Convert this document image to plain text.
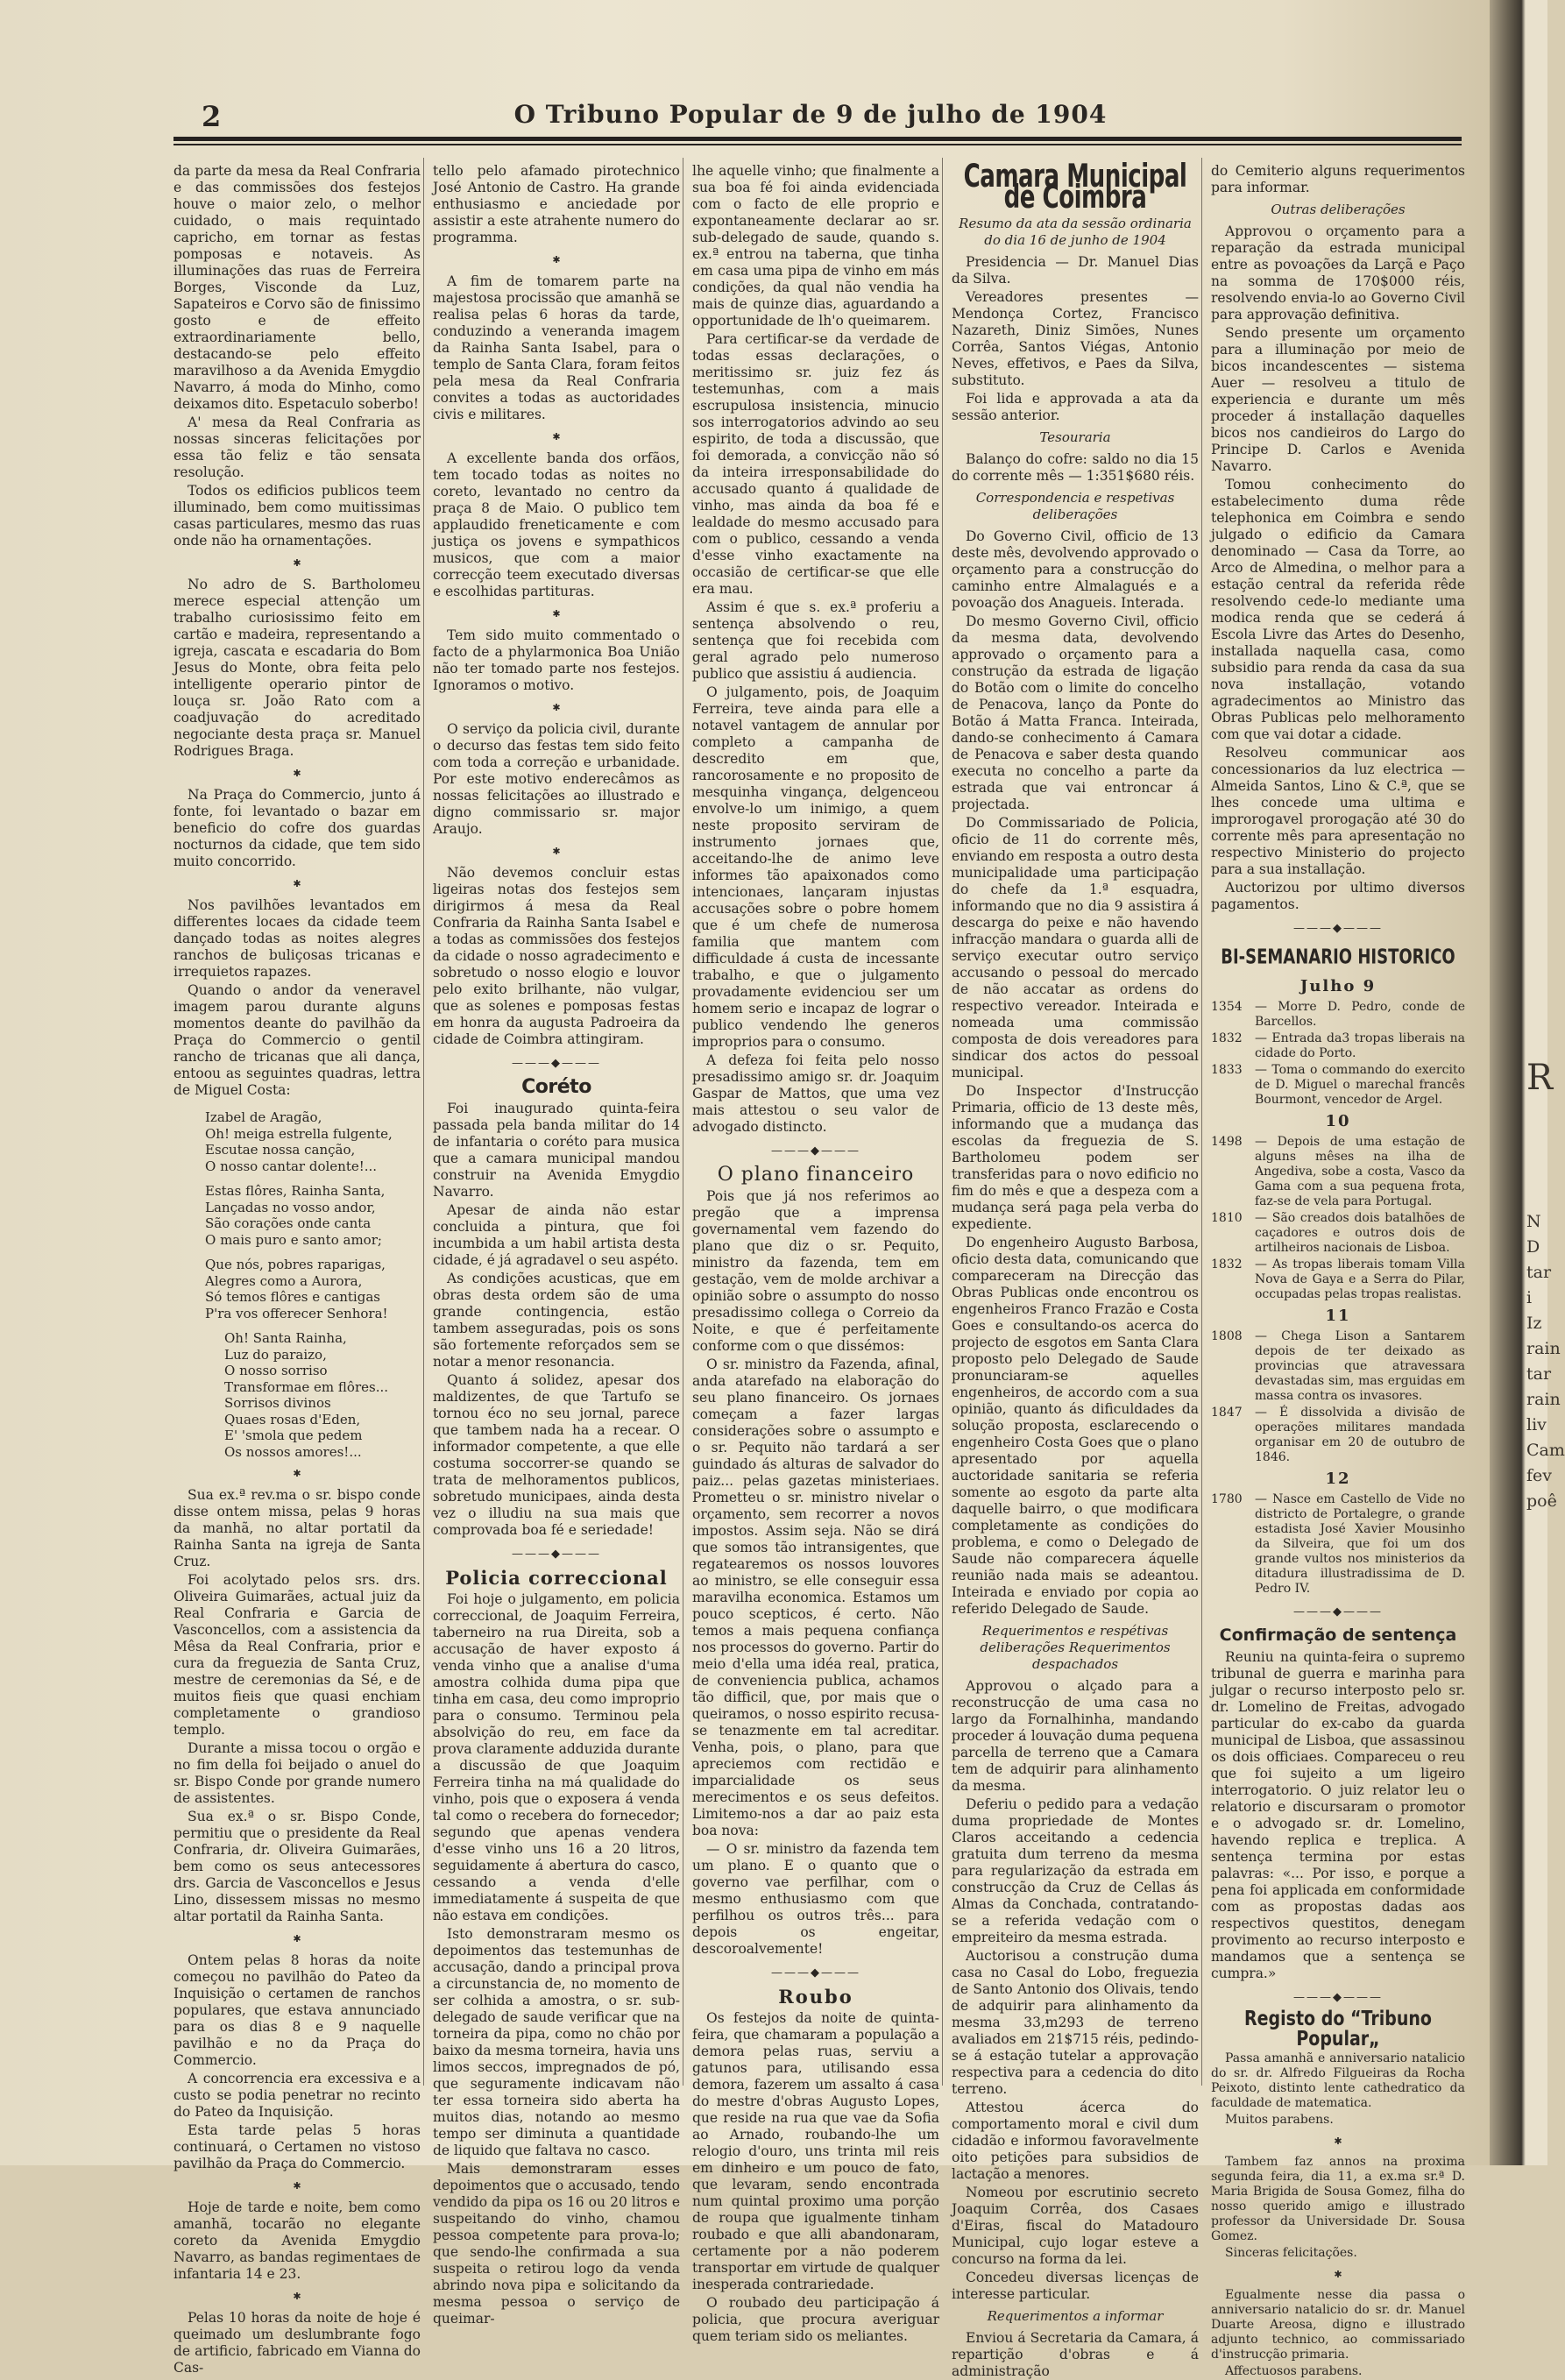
R
N
D
tar
i
Iz
rain
tar
rain
liv
Cam
fev
poê
2	O Tribuno Popular de 9 de julho de 1904

da parte da mesa da Real Confraria e das commissões dos festejos houve o maior zelo, o melhor cuidado, o mais requintado capricho, em tornar as festas pomposas e notaveis. As illuminações das ruas de Ferreira Borges, Visconde da Luz, Sapateiros e Corvo são de finissimo gosto e de effeito extraordinariamente bello, destacando-se pelo effeito maravilhoso a da Avenida Emygdio Navarro, á moda do Minho, como deixamos dito. Espetaculo soberbo!

A' mesa da Real Confraria as nossas sinceras felicitações por essa tão feliz e tão sensata resolução.

Todos os edificios publicos teem illuminado, bem como muitissimas casas particulares, mesmo das ruas onde não ha ornamentações.

✱

No adro de S. Bartholomeu merece especial attenção um trabalho curiosissimo feito em cartão e madeira, representando a igreja, cascata e escadaria do Bom Jesus do Monte, obra feita pelo intelligente operario pintor de louça sr. João Rato com a coadjuvação do acreditado negociante desta praça sr. Manuel Rodrigues Braga.

✱

Na Praça do Commercio, junto á fonte, foi levantado o bazar em beneficio do cofre dos guardas nocturnos da cidade, que tem sido muito concorrido.

✱

Nos pavilhões levantados em differentes locaes da cidade teem dançado todas as noites alegres ranchos de buliçosas tricanas e irrequietos rapazes.

Quando o andor da veneravel imagem parou durante alguns momentos deante do pavilhão da Praça do Commercio o gentil rancho de tricanas que ali dança, entoou as seguintes quadras, lettra de Miguel Costa:

Izabel de Aragão,

Oh! meiga estrella fulgente,

Escutae nossa canção,

O nosso cantar dolente!...

Estas flôres, Rainha Santa,

Lançadas no vosso andor,

São corações onde canta

O mais puro e santo amor;

Que nós, pobres raparigas,

Alegres como a Aurora,

Só temos flôres e cantigas

P'ra vos offerecer Senhora!

Oh! Santa Rainha,

Luz do paraizo,

O nosso sorriso

Transformae em flôres...

Sorrisos divinos

Quaes rosas d'Eden,

E' 'smola que pedem

Os nossos amores!...

✱

Sua ex.ª rev.ma o sr. bispo conde disse ontem missa, pelas 9 horas da manhã, no altar portatil da Rainha Santa na igreja de Santa Cruz.

Foi acolytado pelos srs. drs. Oliveira Guimarães, actual juiz da Real Confraria e Garcia de Vasconcellos, com a assistencia da Mêsa da Real Confraria, prior e cura da freguezia de Santa Cruz, mestre de ceremonias da Sé, e de muitos fieis que quasi enchiam completamente o grandioso templo.

Durante a missa tocou o orgão e no fim della foi beijado o anuel do sr. Bispo Conde por grande numero de assistentes.

Sua ex.ª o sr. Bispo Conde, permitiu que o presidente da Real Confraria, dr. Oliveira Guimarães, bem como os seus antecessores drs. Garcia de Vasconcellos e Jesus Lino, dissessem missas no mesmo altar portatil da Rainha Santa.

✱

Ontem pelas 8 horas da noite começou no pavilhão do Pateo da Inquisição o certamen de ranchos populares, que estava annunciado para os dias 8 e 9 naquelle pavilhão e no da Praça do Commercio.

A concorrencia era excessiva e a custo se podia penetrar no recinto do Pateo da Inquisição.

Esta tarde pelas 5 horas continuará, o Certamen no vistoso pavilhão da Praça do Commercio.

✱

Hoje de tarde e noite, bem como amanhã, tocarão no elegante coreto da Avenida Emygdio Navarro, as bandas regimentaes de infantaria 14 e 23.

✱

Pelas 10 horas da noite de hoje é queimado um deslumbrante fogo de artificio, fabricado em Vianna do Cas-

tello pelo afamado pirotechnico José Antonio de Castro. Ha grande enthusiasmo e anciedade por assistir a este atrahente numero do programma.

✱

A fim de tomarem parte na majestosa procissão que amanhã se realisa pelas 6 horas da tarde, conduzindo a veneranda imagem da Rainha Santa Isabel, para o templo de Santa Clara, foram feitos pela mesa da Real Confraria convites a todas as auctoridades civis e militares.

✱

A excellente banda dos orfãos, tem tocado todas as noites no coreto, levantado no centro da praça 8 de Maio. O publico tem applaudido freneticamente e com justiça os jovens e sympathicos musicos, que com a maior correcção teem executado diversas e escolhidas partituras.

✱

Tem sido muito commentado o facto de a phylarmonica Boa União não ter tomado parte nos festejos. Ignoramos o motivo.

✱

O serviço da policia civil, durante o decurso das festas tem sido feito com toda a correção e urbanidade. Por este motivo enderecâmos as nossas felicitações ao illustrado e digno commissario sr. major Araujo.

✱

Não devemos concluir estas ligeiras notas dos festejos sem dirigirmos á mesa da Real Confraria da Rainha Santa Isabel e a todas as commissões dos festejos da cidade o nosso agradecimento e sobretudo o nosso elogio e louvor pelo exito brilhante, não vulgar, que as solenes e pomposas festas em honra da augusta Padroeira da cidade de Coimbra attingiram.

———◆———
Coréto

Foi inaugurado quinta-feira passada pela banda militar do 14 de infantaria o coréto para musica que a camara municipal mandou construir na Avenida Emygdio Navarro.

Apesar de ainda não estar concluida a pintura, que foi incumbida a um habil artista desta cidade, é já agradavel o seu aspéto.

As condições acusticas, que em obras desta ordem são de uma grande contingencia, estão tambem asseguradas, pois os sons são fortemente reforçados sem se notar a menor resonancia.

Quanto á solidez, apesar dos maldizentes, de que Tartufo se tornou éco no seu jornal, parece que tambem nada ha a recear. O informador competente, a que elle costuma soccorrer-se quando se trata de melhoramentos publicos, sobretudo municipaes, ainda desta vez o illudiu na sua mais que comprovada boa fé e seriedade!

———◆———
Policia correccional

Foi hoje o julgamento, em policia correccional, de Joaquim Ferreira, taberneiro na rua Direita, sob a accusação de haver exposto á venda vinho que a analise d'uma amostra colhida duma pipa que tinha em casa, deu como improprio para o consumo. Terminou pela absolvição do reu, em face da prova claramente adduzida durante a discussão de que Joaquim Ferreira tinha na má qualidade do vinho, pois que o exposera á venda tal como o recebera do fornecedor; segundo que apenas vendera d'esse vinho uns 16 a 20 litros, seguidamente á abertura do casco, cessando a venda d'elle immediatamente á suspeita de que não estava em condições.

Isto demonstraram mesmo os depoimentos das testemunhas de accusação, dando a principal prova a circunstancia de, no momento de ser colhida a amostra, o sr. sub-delegado de saude verificar que na torneira da pipa, como no chão por baixo da mesma torneira, havia uns limos seccos, impregnados de pó, que seguramente indicavam não ter essa torneira sido aberta ha muitos dias, notando ao mesmo tempo ser diminuta a quantidade de liquido que faltava no casco.

Mais demonstraram esses depoimentos que o accusado, tendo vendido da pipa os 16 ou 20 litros e suspeitando do vinho, chamou pessoa competente para prova-lo; que sendo-lhe confirmada a sua suspeita o retirou logo da venda abrindo nova pipa e solicitando da mesma pessoa o serviço de queimar-

lhe aquelle vinho; que finalmente a sua boa fé foi ainda evidenciada com o facto de elle proprio e expontaneamente declarar ao sr. sub-delegado de saude, quando s. ex.ª entrou na taberna, que tinha em casa uma pipa de vinho em más condições, da qual não vendia ha mais de quinze dias, aguardando a opportunidade de lh'o queimarem.

Para certificar-se da verdade de todas essas declarações, o meritissimo sr. juiz fez ás testemunhas, com a mais escrupulosa insistencia, minucio sos interrogatorios advindo ao seu espirito, de toda a discussão, que foi demorada, a convicção não só da inteira irresponsabilidade do accusado quanto á qualidade de vinho, mas ainda da boa fé e lealdade do mesmo accusado para com o publico, cessando a venda d'esse vinho exactamente na occasião de certificar-se que elle era mau.

Assim é que s. ex.ª proferiu a sentença absolvendo o reu, sentença que foi recebida com geral agrado pelo numeroso publico que assistiu á audiencia.

O julgamento, pois, de Joaquim Ferreira, teve ainda para elle a notavel vantagem de annular por completo a campanha de descredito em que, rancorosamente e no proposito de mesquinha vingança, delgenceou envolve-lo um inimigo, a quem neste proposito serviram de instrumento jornaes que, acceitando-lhe de animo leve informes tão apaixonados como intencionaes, lançaram injustas accusações sobre o pobre homem que é um chefe de numerosa familia que mantem com difficuldade á custa de incessante trabalho, e que o julgamento provadamente evidenciou ser um homem serio e incapaz de lograr o publico vendendo lhe generos improprios para o consumo.

A defeza foi feita pelo nosso presadissimo amigo sr. dr. Joaquim Gaspar de Mattos, que uma vez mais attestou o seu valor de advogado distincto.

———◆———
O plano financeiro

Pois que já nos referimos ao pregão que a imprensa governamental vem fazendo do plano que diz o sr. Pequito, ministro da fazenda, tem em gestação, vem de molde archivar a opinião sobre o assumpto do nosso presadissimo collega o Correio da Noite, e que é perfeitamente conforme com o que dissémos:

O sr. ministro da Fazenda, afinal, anda atarefado na elaboração do seu plano financeiro. Os jornaes começam a fazer largas considerações sobre o assumpto e o sr. Pequito não tardará a ser guindado ás alturas de salvador do paiz... pelas gazetas ministeriaes. Prometteu o sr. ministro nivelar o orçamento, sem recorrer a novos impostos. Assim seja. Não se dirá que somos tão intransigentes, que regatearemos os nossos louvores ao ministro, se elle conseguir essa maravilha economica. Estamos um pouco scepticos, é certo. Não temos a mais pequena confiança nos processos do governo. Partir do meio d'ella uma idéa real, pratica, de conveniencia publica, achamos tão difficil, que, por mais que o queiramos, o nosso espirito recusa-se tenazmente em tal acreditar. Venha, pois, o plano, para que apreciemos com rectidão e imparcialidade os seus merecimentos e os seus defeitos. Limitemo-nos a dar ao paiz esta boa nova:

— O sr. ministro da fazenda tem um plano. E o quanto que o governo vae perfilhar, com o mesmo enthusiasmo com que perfilhou os outros três... para depois os engeitar, descoroalvemente!

———◆———
Roubo

Os festejos da noite de quinta-feira, que chamaram a população a demora pelas ruas, serviu a gatunos para, utilisando essa demora, fazerem um assalto á casa do mestre d'obras Augusto Lopes, que reside na rua que vae da Sofia ao Arnado, roubando-lhe um relogio d'ouro, uns trinta mil reis em dinheiro e um pouco de fato, que levaram, sendo encontrada num quintal proximo uma porção de roupa que igualmente tinham roubado e que alli abandonaram, certamente por a não poderem transportar em virtude de qualquer inesperada contrariedade.

O roubado deu participação á policia, que procura averiguar quem teriam sido os meliantes.

Camara Municipal de Coimbra
Resumo da ata da sessão ordinaria do dia 16 de junho de 1904

Presidencia — Dr. Manuel Dias da Silva.

Vereadores presentes — Mendonça Cortez, Francisco Nazareth, Diniz Simões, Nunes Corrêa, Santos Viégas, Antonio Neves, effetivos, e Paes da Silva, substituto.

Foi lida e approvada a ata da sessão anterior.

Tesouraria

Balanço do cofre: saldo no dia 15 do corrente mês — 1:351$680 réis.

Correspondencia e respetivas deliberações

Do Governo Civil, officio de 13 deste mês, devolvendo approvado o orçamento para a construcção do caminho entre Almalagués e a povoação dos Anagueis. Interada.

Do mesmo Governo Civil, officio da mesma data, devolvendo approvado o orçamento para a construção da estrada de ligação do Botão com o limite do concelho de Penacova, lanço da Ponte do Botão á Matta Franca. Inteirada, dando-se conhecimento á Camara de Penacova e saber desta quando executa no concelho a parte da estrada que vai entroncar á projectada.

Do Commissariado de Policia, oficio de 11 do corrente mês, enviando em resposta a outro desta municipalidade uma participação do chefe da 1.ª esquadra, informando que no dia 9 assistira á descarga do peixe e não havendo infracção mandara o guarda alli de serviço executar outro serviço accusando o pessoal do mercado de não accatar as ordens do respectivo vereador. Inteirada e nomeada uma commissão composta de dois vereadores para sindicar dos actos do pessoal municipal.

Do Inspector d'Instrucção Primaria, officio de 13 deste mês, informando que a mudança das escolas da freguezia de S. Bartholomeu podem ser transferidas para o novo edificio no fim do mês e que a despeza com a mudança será paga pela verba do expediente.

Do engenheiro Augusto Barbosa, oficio desta data, comunicando que compareceram na Direcção das Obras Publicas onde encontrou os engenheiros Franco Frazão e Costa Goes e consultando-os acerca do projecto de esgotos em Santa Clara proposto pelo Delegado de Saude pronunciaram-se aquelles engenheiros, de accordo com a sua opinião, quanto ás dificuldades da solução proposta, esclarecendo o engenheiro Costa Goes que o plano apresentado por aquella auctoridade sanitaria se referia somente ao esgoto da parte alta daquelle bairro, o que modificara completamente as condições do problema, e como o Delegado de Saude não comparecera áquelle reunião nada mais se adeantou. Inteirada e enviado por copia ao referido Delegado de Saude.

Requerimentos e respétivas deliberações Requerimentos despachados

Approvou o alçado para a reconstrucção de uma casa no largo da Fornalhinha, mandando proceder á louvação duma pequena parcella de terreno que a Camara tem de adquirir para alinhamento da mesma.

Deferiu o pedido para a vedação duma propriedade de Montes Claros acceitando a cedencia gratuita dum terreno da mesma para regularização da estrada em construcção da Cruz de Cellas ás Almas da Conchada, contratando-se a referida vedação com o empreiteiro da mesma estrada.

Auctorisou a construção duma casa no Casal do Lobo, freguezia de Santo Antonio dos Olivais, tendo de adquirir para alinhamento da mesma 33,m293 de terreno avaliados em 21$715 réis, pedindo-se á estação tutelar a approvação respectiva para a cedencia do dito terreno.

Attestou ácerca do comportamento moral e civil dum cidadão e informou favoravelmente oito petições para subsidios de lactação a menores.

Nomeou por escrutinio secreto Joaquim Corrêa, dos Casaes d'Eiras, fiscal do Matadouro Municipal, cujo logar esteve a concurso na forma da lei.

Concedeu diversas licenças de interesse particular.

Requerimentos a informar

Enviou á Secretaria da Camara, á repartição d'obras e á administração

do Cemiterio alguns requerimentos para informar.

Outras deliberações

Approvou o orçamento para a reparação da estrada municipal entre as povoações da Larçã e Paço na somma de 170$000 réis, resolvendo envia-lo ao Governo Civil para approvação definitiva.

Sendo presente um orçamento para a illuminação por meio de bicos incandescentes — sistema Auer — resolveu a titulo de experiencia e durante um mês proceder á installação daquelles bicos nos candieiros do Largo do Principe D. Carlos e Avenida Navarro.

Tomou conhecimento do estabelecimento duma rêde telephonica em Coimbra e sendo julgado o edificio da Camara denominado — Casa da Torre, ao Arco de Almedina, o melhor para a estação central da referida rêde resolvendo cede-lo mediante uma modica renda que se cederá á Escola Livre das Artes do Desenho, installada naquella casa, como subsidio para renda da casa da sua nova installação, votando agradecimentos ao Ministro das Obras Publicas pelo melhoramento com que vai dotar a cidade.

Resolveu communicar aos concessionarios da luz electrica — Almeida Santos, Lino & C.ª, que se lhes concede uma ultima e improrogavel prorogação até 30 do corrente mês para apresentação no respectivo Ministerio do projecto para a sua installação.

Auctorizou por ultimo diversos pagamentos.

———◆———
BI-SEMANARIO HISTORICO
Julho 9
1354	— Morre D. Pedro, conde de Barcellos.
1832	— Entrada da3 tropas liberais na cidade do Porto.
1833	— Toma o commando do exercito de D. Miguel o marechal francês Bourmont, vencedor de Argel.
10
1498	— Depois de uma estação de alguns mêses na ilha de Angediva, sobe a costa, Vasco da Gama com a sua pequena frota, faz-se de vela para Portugal.
1810	— São creados dois batalhões de caçadores e outros dois de artilheiros nacionais de Lisboa.
1832	— As tropas liberais tomam Villa Nova de Gaya e a Serra do Pilar, occupadas pelas tropas realistas.
11
1808	— Chega Lison a Santarem depois de ter deixado as provincias que atravessara devastadas sim, mas erguidas em massa contra os invasores.
1847	— É dissolvida a divisão de operações militares mandada organisar em 20 de outubro de 1846.
12
1780	— Nasce em Castello de Vide no districto de Portalegre, o grande estadista José Xavier Mousinho da Silveira, que foi um dos grande vultos nos ministerios da ditadura illustradissima de D. Pedro IV.
———◆———
Confirmação de sentença

Reuniu na quinta-feira o supremo tribunal de guerra e marinha para julgar o recurso interposto pelo sr. dr. Lomelino de Freitas, advogado particular do ex-cabo da guarda municipal de Lisboa, que assassinou os dois officiaes. Compareceu o reu que foi sujeito a um ligeiro interrogatorio. O juiz relator leu o relatorio e discursaram o promotor e o advogado sr. dr. Lomelino, havendo replica e treplica. A sentença termina por estas palavras: «... Por isso, e porque a pena foi applicada em conformidade com as propostas dadas aos respectivos questitos, denegam provimento ao recurso interposto e mandamos que a sentença se cumpra.»

———◆———
Registo do “Tribuno Popular„

Passa amanhã e anniversario natalicio do sr. dr. Alfredo Filgueiras da Rocha Peixoto, distinto lente cathedratico da faculdade de matematica.

Muitos parabens.

✱

Tambem faz annos na proxima segunda feira, dia 11, a ex.ma sr.ª D. Maria Brigida de Sousa Gomez, filha do nosso querido amigo e illustrado professor da Universidade Dr. Sousa Gomez.

Sinceras felicitações.

✱

Egualmente nesse dia passa o anniversario natalicio do sr. dr. Manuel Duarte Areosa, digno e illustrado adjunto technico, ao commissariado d'instrucção primaria.

Affectuosos parabens.
